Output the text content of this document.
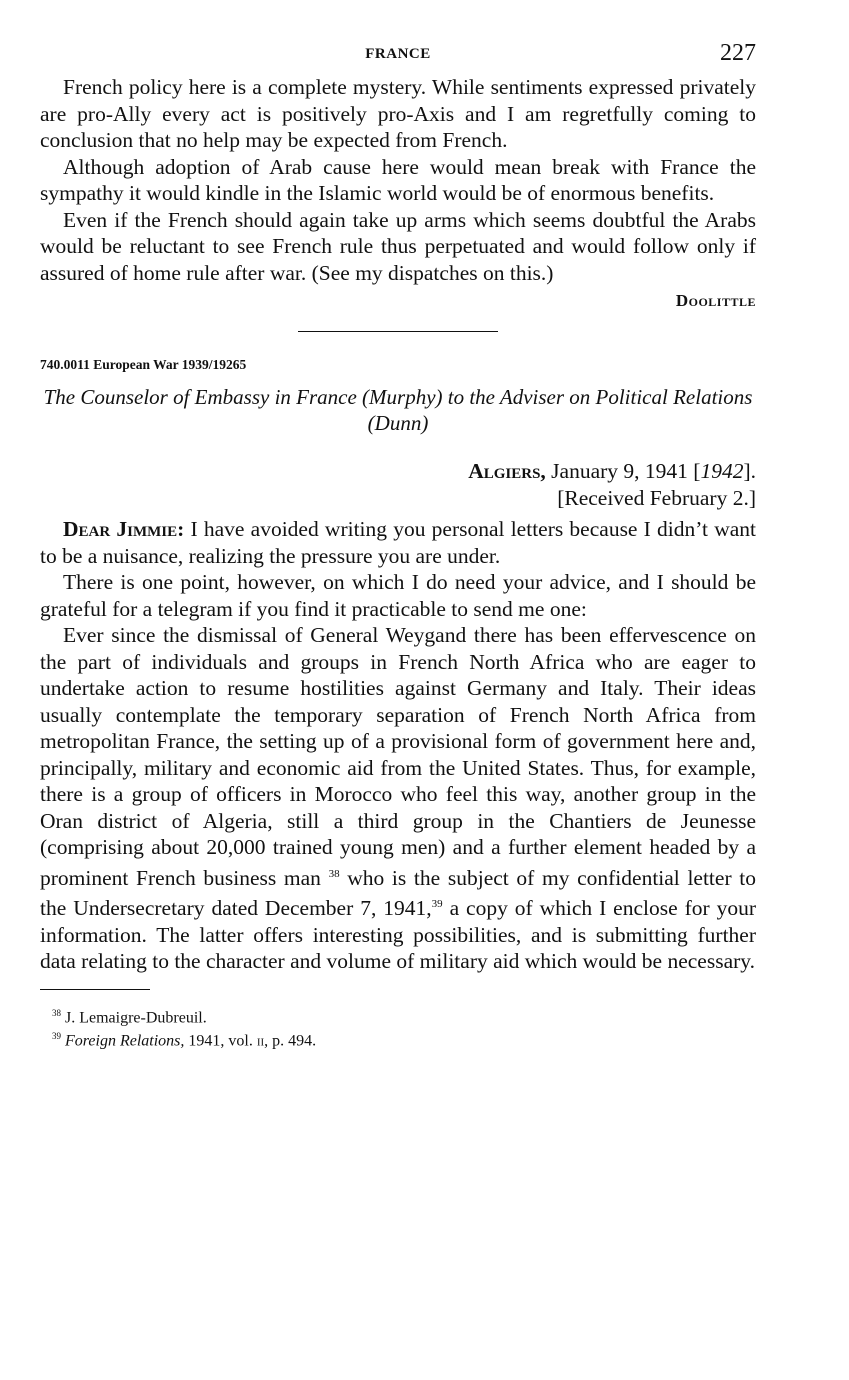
FRANCE	227

French policy here is a complete mystery. While sentiments expressed privately are pro-Ally every act is positively pro-Axis and I am regretfully coming to conclusion that no help may be expected from French.

Although adoption of Arab cause here would mean break with France the sympathy it would kindle in the Islamic world would be of enormous benefits.

Even if the French should again take up arms which seems doubtful the Arabs would be reluctant to see French rule thus perpetuated and would follow only if assured of home rule after war. (See my dispatches on this.)

Doolittle
740.0011 European War 1939/19265
The Counselor of Embassy in France (Murphy) to the Adviser on Political Relations (Dunn)
Algiers, January 9, 1941 [1942].
[Received February 2.]

Dear Jimmie: I have avoided writing you personal letters because I didn’t want to be a nuisance, realizing the pressure you are under.

There is one point, however, on which I do need your advice, and I should be grateful for a telegram if you find it practicable to send me one:

Ever since the dismissal of General Weygand there has been effervescence on the part of individuals and groups in French North Africa who are eager to undertake action to resume hostilities against Germany and Italy. Their ideas usually contemplate the temporary separation of French North Africa from metropolitan France, the setting up of a provisional form of government here and, principally, military and economic aid from the United States. Thus, for example, there is a group of officers in Morocco who feel this way, another group in the Oran district of Algeria, still a third group in the Chantiers de Jeunesse (comprising about 20,000 trained young men) and a further element headed by a prominent French business man $^{38}$ who is the subject of my confidential letter to the Undersecretary dated December 7, 1941,39 a copy of which I enclose for your information. The latter offers interesting possibilities, and is submitting further data relating to the character and volume of military aid which would be necessary.

$^{38}$ J. Lemaigre-Dubreuil.
$^{39}$ Foreign Relations, 1941, vol. ii, p. 494.
